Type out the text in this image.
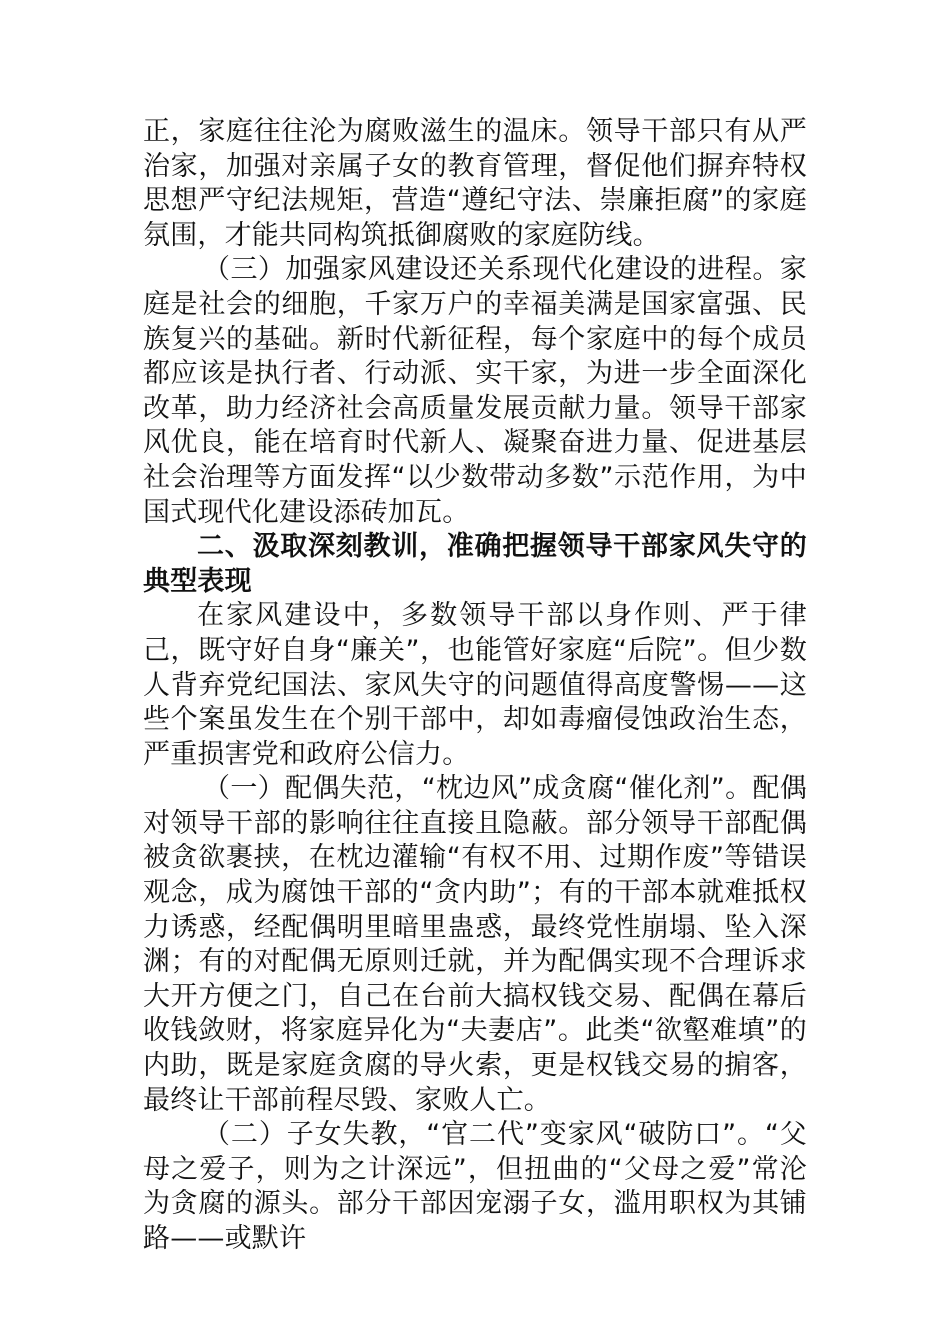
正，家庭往往沦为腐败滋生的温床。领导干部只有从严治家，加强对亲属子女的教育管理，督促他们摒弃特权思想严守纪法规矩，营造“遵纪守法、崇廉拒腐”的家庭氛围，才能共同构筑抵御腐败的家庭防线。

（三）加强家风建设还关系现代化建设的进程。家庭是社会的细胞，千家万户的幸福美满是国家富强、民族复兴的基础。新时代新征程，每个家庭中的每个成员都应该是执行者、行动派、实干家，为进一步全面深化改革，助力经济社会高质量发展贡献力量。领导干部家风优良，能在培育时代新人、凝聚奋进力量、促进基层社会治理等方面发挥“以少数带动多数”示范作用，为中国式现代化建设添砖加瓦。

二、汲取深刻教训，准确把握领导干部家风失守的典型表现

在家风建设中，多数领导干部以身作则、严于律己，既守好自身“廉关”，也能管好家庭“后院”。但少数人背弃党纪国法、家风失守的问题值得高度警惕——这些个案虽发生在个别干部中，却如毒瘤侵蚀政治生态，严重损害党和政府公信力。

（一）配偶失范，“枕边风”成贪腐“催化剂”。配偶对领导干部的影响往往直接且隐蔽。部分领导干部配偶被贪欲裹挟，在枕边灌输“有权不用、过期作废”等错误观念，成为腐蚀干部的“贪内助”；有的干部本就难抵权力诱惑，经配偶明里暗里蛊惑，最终党性崩塌、坠入深渊；有的对配偶无原则迁就，并为配偶实现不合理诉求大开方便之门，自己在台前大搞权钱交易、配偶在幕后收钱敛财，将家庭异化为“夫妻店”。此类“欲壑难填”的内助，既是家庭贪腐的导火索，更是权钱交易的掮客，最终让干部前程尽毁、家败人亡。

（二）子女失教，“官二代”变家风“破防口”。“父母之爱子，则为之计深远”，但扭曲的“父母之爱”常沦为贪腐的源头。部分干部因宠溺子女，滥用职权为其铺路——或默许
